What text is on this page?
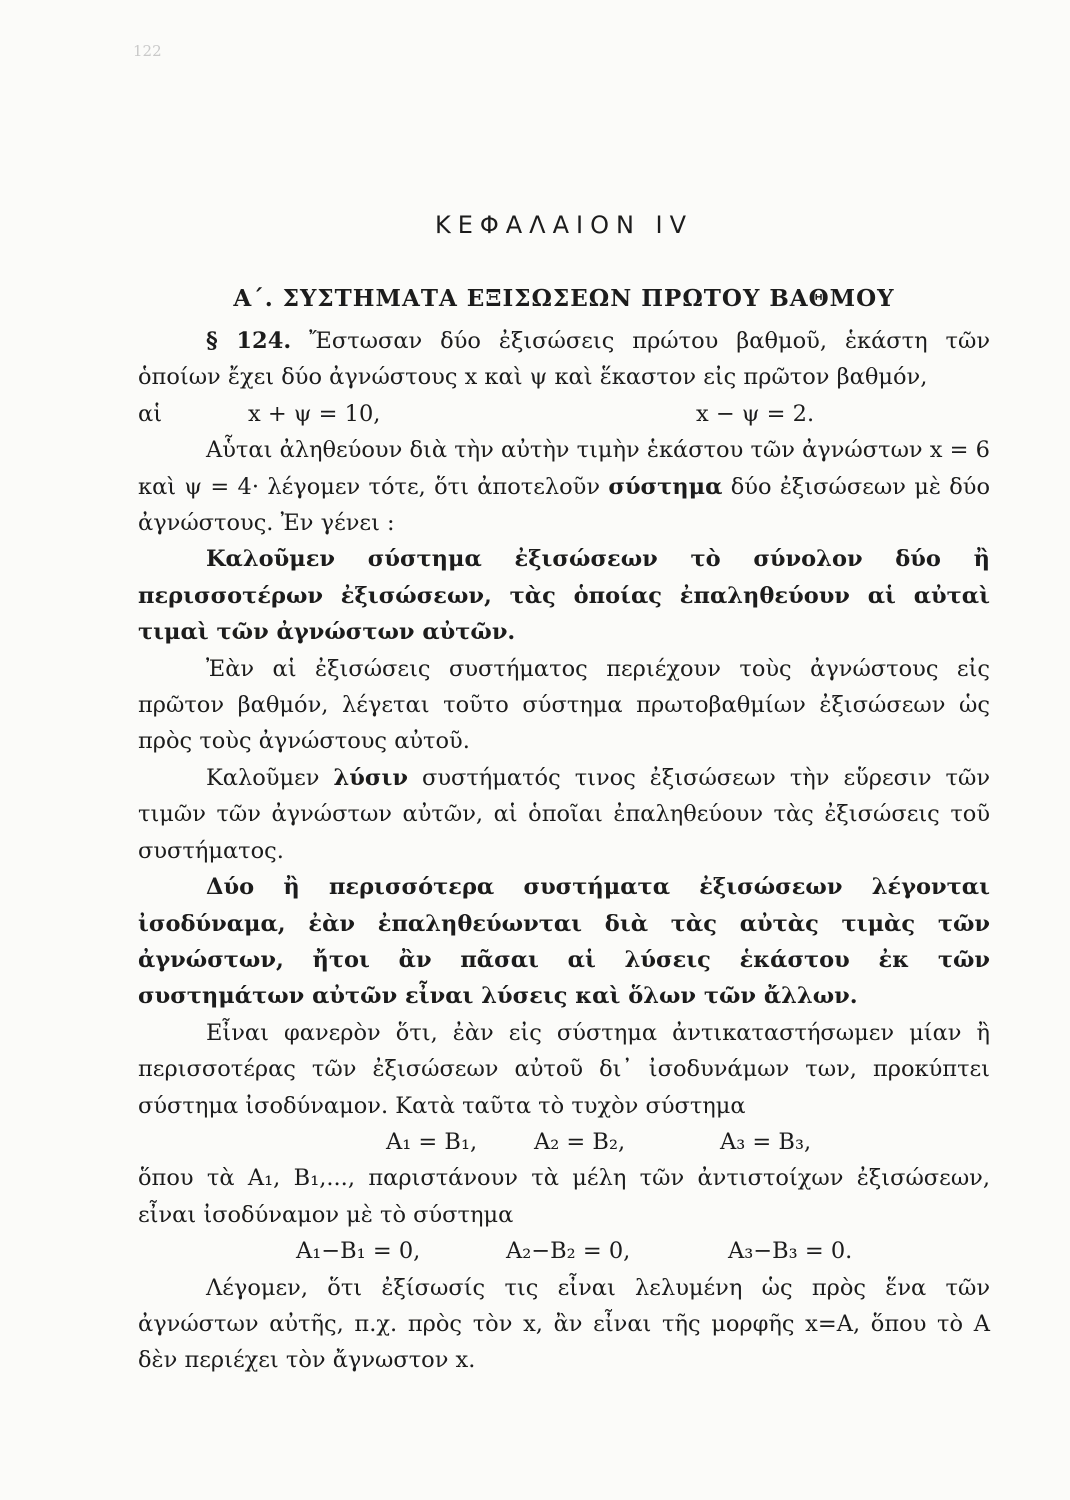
122
ΚΕΦΑΛΑΙΟΝ IV
Α΄. ΣΥΣΤΗΜΑΤΑ ΕΞΙΣΩΣΕΩΝ ΠΡΩΤΟΥ ΒΑΘΜΟΥ

§ 124. Ἔστωσαν δύο ἐξισώσεις πρώτου βαθμοῦ, ἑκάστη τῶν ὁποίων ἔχει δύο ἀγνώστους x καὶ ψ καὶ ἕκαστον εἰς πρῶτον βαθμόν,

αἱ	x + ψ = 10,	x − ψ = 2.

Αὗται ἀληθεύουν διὰ τὴν αὐτὴν τιμὴν ἑκάστου τῶν ἀγνώστων x = 6 καὶ ψ = 4· λέγομεν τότε, ὅτι ἀποτελοῦν σύστημα δύο ἐξισώσεων μὲ δύο ἀγνώστους. Ἐν γένει :

Καλοῦμεν σύστημα ἐξισώσεων τὸ σύνολον δύο ἢ περισσοτέρων ἐξισώσεων, τὰς ὁποίας ἐπαληθεύουν αἱ αὐταὶ τιμαὶ τῶν ἀγνώστων αὐτῶν.

Ἐὰν αἱ ἐξισώσεις συστήματος περιέχουν τοὺς ἀγνώστους εἰς πρῶτον βαθμόν, λέγεται τοῦτο σύστημα πρωτοβαθμίων ἐξισώσεων ὡς πρὸς τοὺς ἀγνώστους αὐτοῦ.

Καλοῦμεν λύσιν συστήματός τινος ἐξισώσεων τὴν εὕρεσιν τῶν τιμῶν τῶν ἀγνώστων αὐτῶν, αἱ ὁποῖαι ἐπαληθεύουν τὰς ἐξισώσεις τοῦ συστήματος.

Δύο ἢ περισσότερα συστήματα ἐξισώσεων λέγονται ἰσοδύναμα, ἐὰν ἐπαληθεύωνται διὰ τὰς αὐτὰς τιμὰς τῶν ἀγνώστων, ἤτοι ἂν πᾶσαι αἱ λύσεις ἑκάστου ἐκ τῶν συστημάτων αὐτῶν εἶναι λύσεις καὶ ὅλων τῶν ἄλλων.

Εἶναι φανερὸν ὅτι, ἐὰν εἰς σύστημα ἀντικαταστήσωμεν μίαν ἢ περισσοτέρας τῶν ἐξισώσεων αὐτοῦ δι᾽ ἰσοδυνάμων των, προκύπτει σύστημα ἰσοδύναμον. Κατὰ ταῦτα τὸ τυχὸν σύστημα

A₁ = B₁,	A₂ = B₂,	A₃ = B₃,

ὅπου τὰ A₁, B₁,..., παριστάνουν τὰ μέλη τῶν ἀντιστοίχων ἐξισώσεων, εἶναι ἰσοδύναμον μὲ τὸ σύστημα

A₁−B₁ = 0,	A₂−B₂ = 0,	A₃−B₃ = 0.

Λέγομεν, ὅτι ἐξίσωσίς τις εἶναι λελυμένη ὡς πρὸς ἕνα τῶν ἀγνώστων αὐτῆς, π.χ. πρὸς τὸν x, ἂν εἶναι τῆς μορφῆς x=A, ὅπου τὸ A δὲν περιέχει τὸν ἄγνωστον x.
